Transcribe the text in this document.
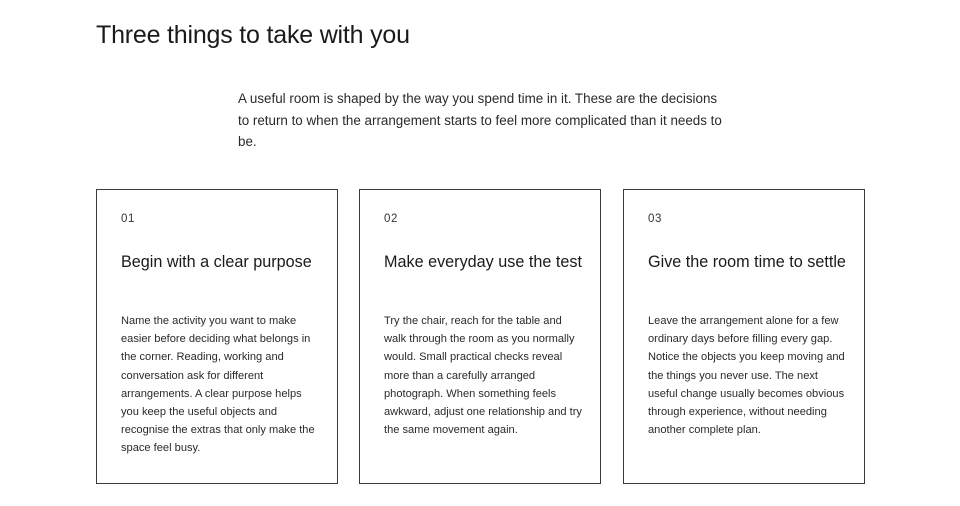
Three things to take with you

A useful room is shaped by the way you spend time in it. These are the decisions to return to when the arrangement starts to feel more complicated than it needs to be.

01
Begin with a clear purpose

Name the activity you want to make easier before deciding what belongs in the corner. Reading, working and conversation ask for different arrangements. A clear purpose helps you keep the useful objects and recognise the extras that only make the space feel busy.

02
Make everyday use the test

Try the chair, reach for the table and walk through the room as you normally would. Small practical checks reveal more than a carefully arranged photograph. When something feels awkward, adjust one relationship and try the same movement again.

03
Give the room time to settle

Leave the arrangement alone for a few ordinary days before filling every gap. Notice the objects you keep moving and the things you never use. The next useful change usually becomes obvious through experience, without needing another complete plan.
